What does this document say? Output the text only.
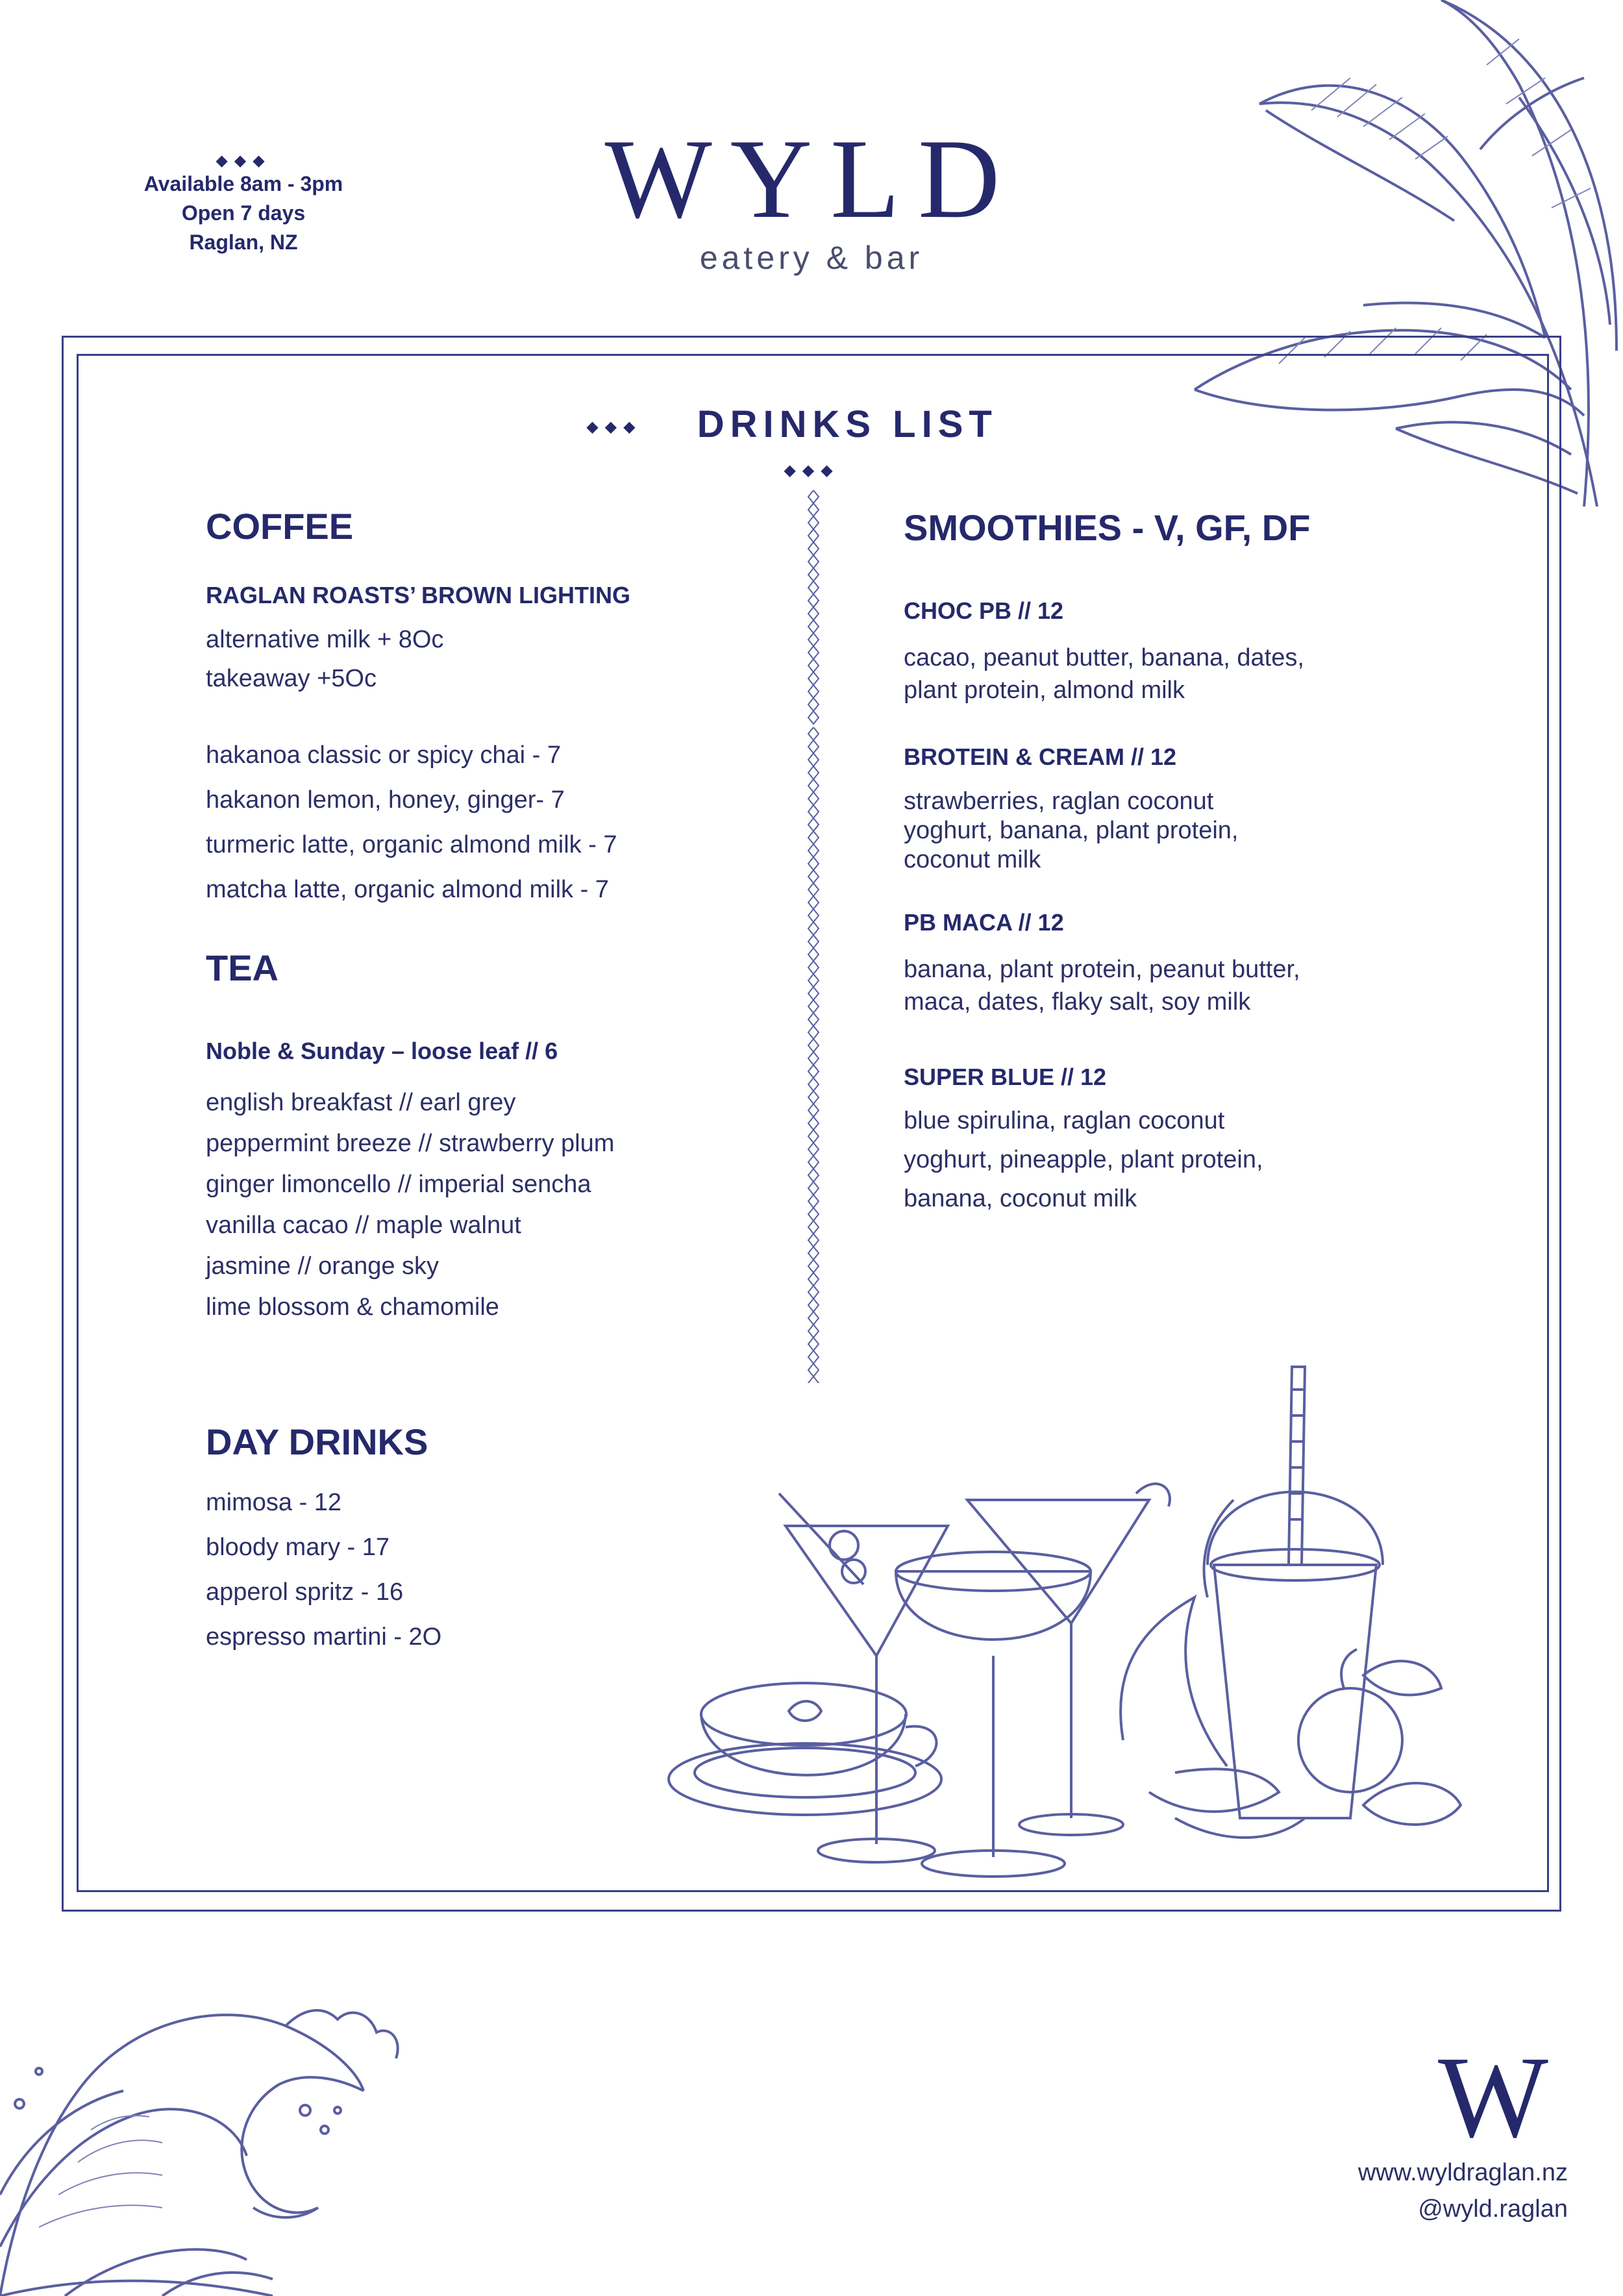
◆◆◆
Available 8am - 3pm
Open 7 days
Raglan, NZ
WYLD
eatery & bar
◆◆◆ DRINKS LIST ◆◆◆
COFFEE
RAGLAN ROASTS’ BROWN LIGHTING
alternative milk + 8Oc
takeaway +5Oc
hakanoa classic or spicy chai - 7
hakanon lemon, honey, ginger- 7
turmeric latte, organic almond milk - 7
matcha latte, organic almond milk - 7
TEA
Noble & Sunday – loose leaf // 6
english breakfast // earl grey
peppermint breeze // strawberry plum
ginger limoncello // imperial sencha
vanilla cacao // maple walnut
jasmine // orange sky
lime blossom & chamomile
DAY DRINKS
mimosa - 12
bloody mary - 17
apperol spritz - 16
espresso martini - 2O
SMOOTHIES - V, GF, DF
CHOC PB // 12
cacao, peanut butter, banana, dates,
plant protein, almond milk
BROTEIN & CREAM // 12
strawberries, raglan coconut
yoghurt, banana, plant protein,
coconut milk
PB MACA // 12
banana, plant protein, peanut butter,
maca, dates, flaky salt, soy milk
SUPER BLUE // 12
blue spirulina, raglan coconut
yoghurt, pineapple, plant protein,
banana, coconut milk
W
www.wyldraglan.nz
@wyld.raglan
